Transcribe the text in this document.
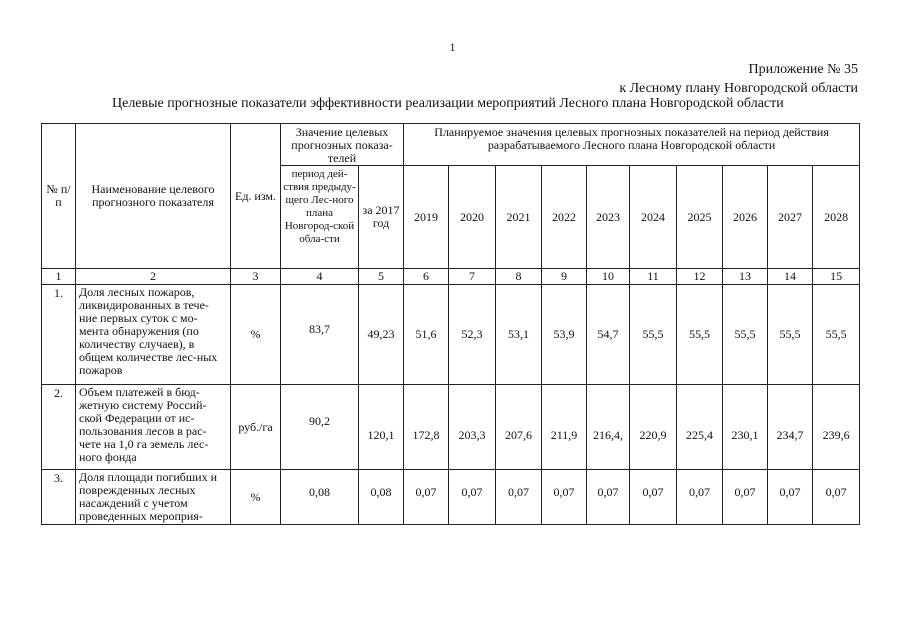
1
Приложение № 35
к Лесному плану Новгородской области
Целевые прогнозные показатели эффективности реализации мероприятий Лесного плана Новгородской области
№ п/п	Наименование целевого прогнозного показателя	Ед. изм.	Значение целевых прогнозных показа-телей		Планируемое значения целевых прогнозных показателей на период действия разрабатываемого Лесного плана Новгородской области									
			период дей-ствия предыду-щего Лес-ного плана Новгород-ской обла-сти	за 2017 год	2019	2020	2021	2022	2023	2024	2025	2026	2027	2028
1	2	3	4	5	6	7	8	9	10	11	12	13	14	15
1.	Доля лесных пожаров, ликвидированных в тече-ние первых суток с мо-мента обнаружения (по количеству случаев), в общем количестве лес-ных пожаров	%	83,7	49,23	51,6	52,3	53,1	53,9	54,7	55,5	55,5	55,5	55,5	55,5
2.	Объем платежей в бюд-жетную систему Россий-ской Федерации от ис-пользования лесов в рас-чете на 1,0 га земель лес-ного фонда	руб./га	90,2	120,1	172,8	203,3	207,6	211,9	216,4,	220,9	225,4	230,1	234,7	239,6
3.	Доля площади погибших и поврежденных лесных насаждений с учетом проведенных мероприя-	%	0,08	0,08	0,07	0,07	0,07	0,07	0,07	0,07	0,07	0,07	0,07	0,07
